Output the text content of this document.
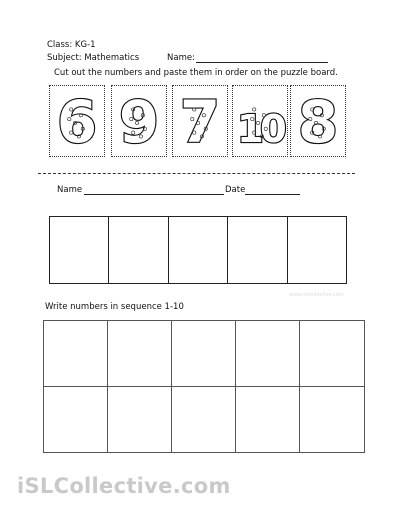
Class: KG-1
Subject: Mathematics	Name:
Cut out the numbers and paste them in order on the puzzle board.
6 9 7 10 8
Name	Date
www.islcollective.com
Write numbers in sequence 1-10
iSLCollective.com
